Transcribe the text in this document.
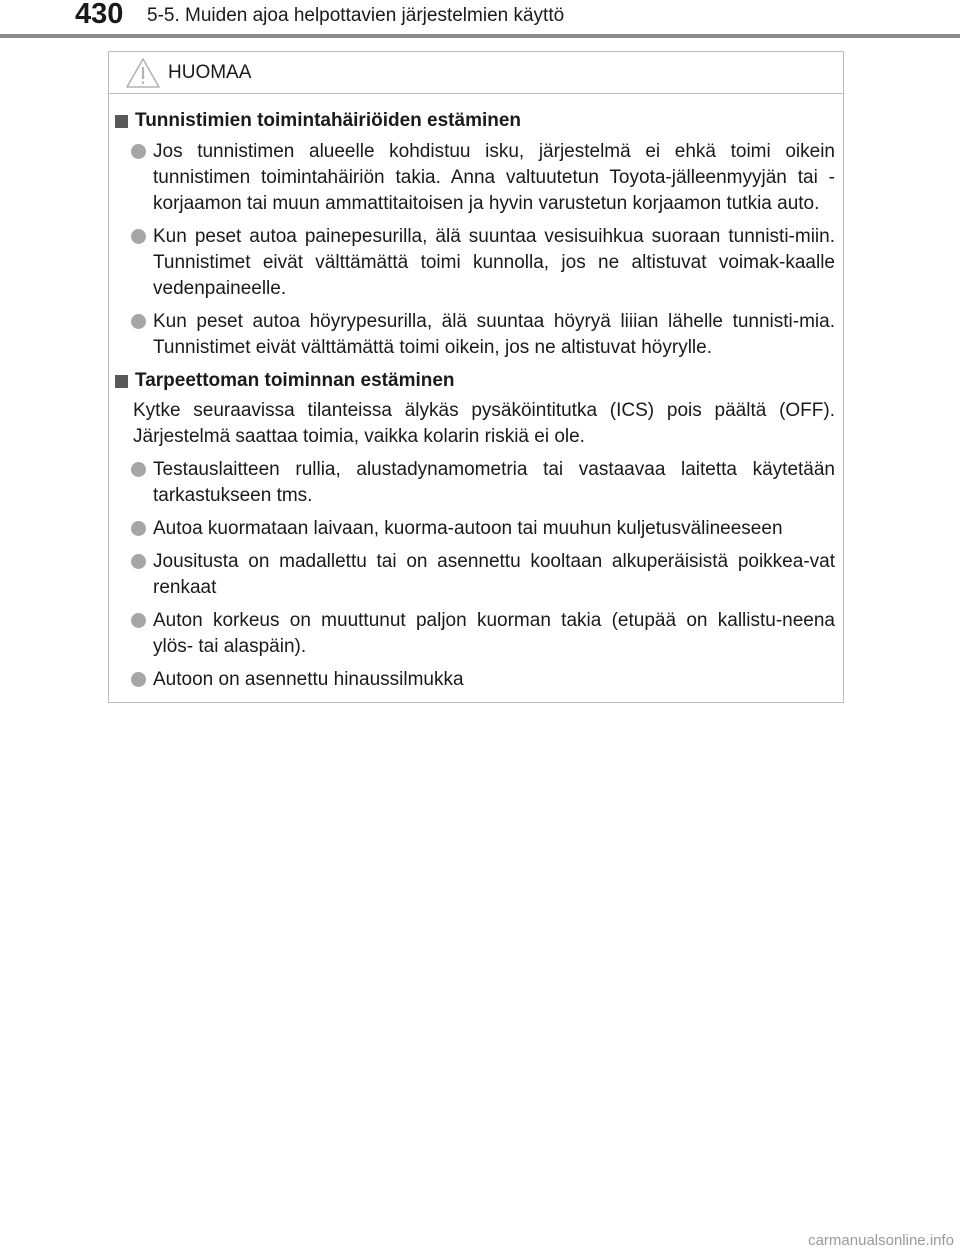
430 5-5. Muiden ajoa helpottavien järjestelmien käyttö
HUOMAA

Tunnistimien toimintahäiriöiden estäminen

Jos tunnistimen alueelle kohdistuu isku, järjestelmä ei ehkä toimi oikein tunnistimen toimintahäiriön takia. Anna valtuutetun Toyota-jälleenmyyjän tai -korjaamon tai muun ammattitaitoisen ja hyvin varustetun korjaamon tutkia auto.

Kun peset autoa painepesurilla, älä suuntaa vesisuihkua suoraan tunnisti-miin. Tunnistimet eivät välttämättä toimi kunnolla, jos ne altistuvat voimak-kaalle vedenpaineelle.

Kun peset autoa höyrypesurilla, älä suuntaa höyryä liiian lähelle tunnisti-mia. Tunnistimet eivät välttämättä toimi oikein, jos ne altistuvat höyrylle.

Tarpeettoman toiminnan estäminen

Kytke seuraavissa tilanteissa älykäs pysäköintitutka (ICS) pois päältä (OFF). Järjestelmä saattaa toimia, vaikka kolarin riskiä ei ole.

Testauslaitteen rullia, alustadynamometria tai vastaavaa laitetta käytetään tarkastukseen tms.

Autoa kuormataan laivaan, kuorma-autoon tai muuhun kuljetusvälineeseen

Jousitusta on madallettu tai on asennettu kooltaan alkuperäisistä poikkea-vat renkaat

Auton korkeus on muuttunut paljon kuorman takia (etupää on kallistu-neena ylös- tai alaspäin).

Autoon on asennettu hinaussilmukka

carmanualsonline.info
